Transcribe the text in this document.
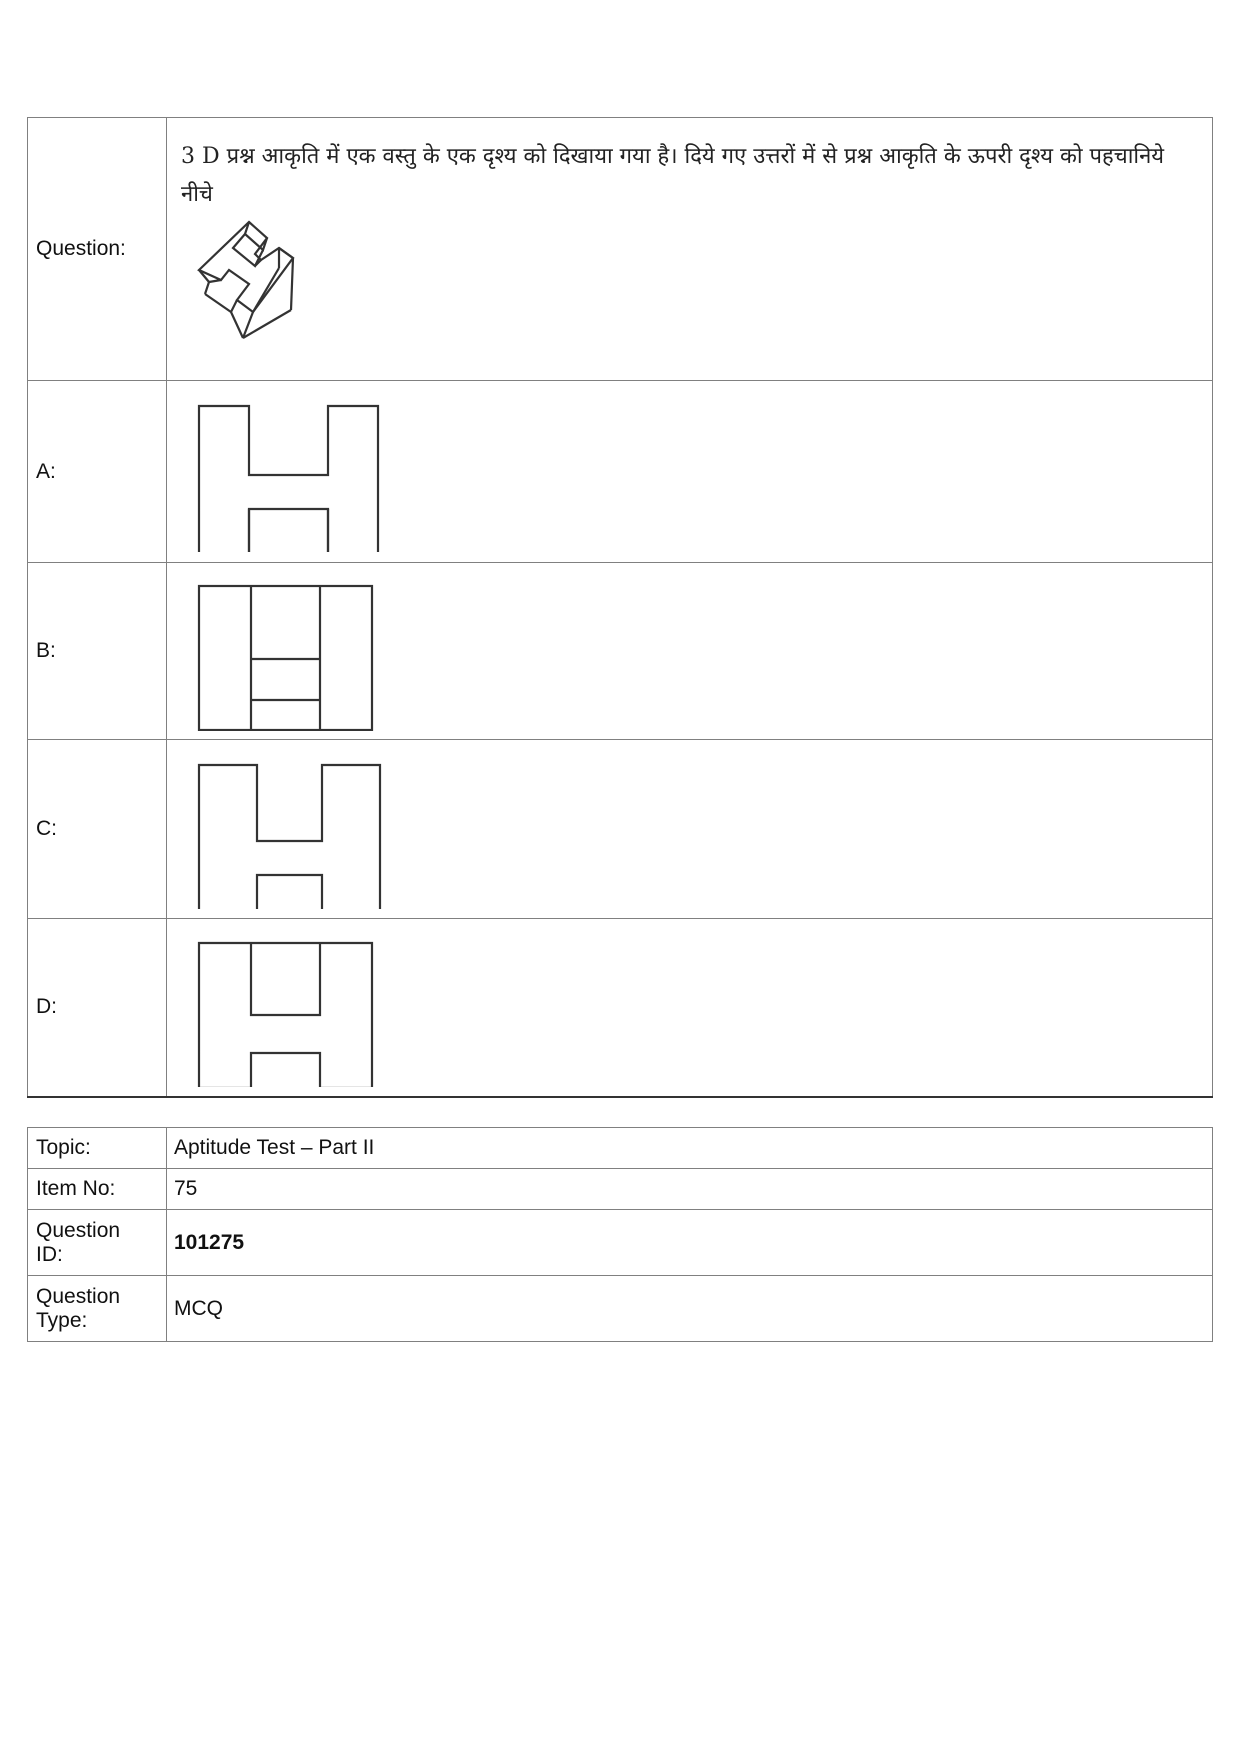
Question:	3 D प्रश्न आकृति में एक वस्तु के एक दृश्य को दिखाया गया है। दिये गए उत्तरों में से प्रश्न आकृति के ऊपरी दृश्य को पहचानिये नीचे

A:	

B:	

C:	

D:	
Topic:	Aptitude Test – Part II
Item No:	75
Question ID:	101275
Question Type:	MCQ
